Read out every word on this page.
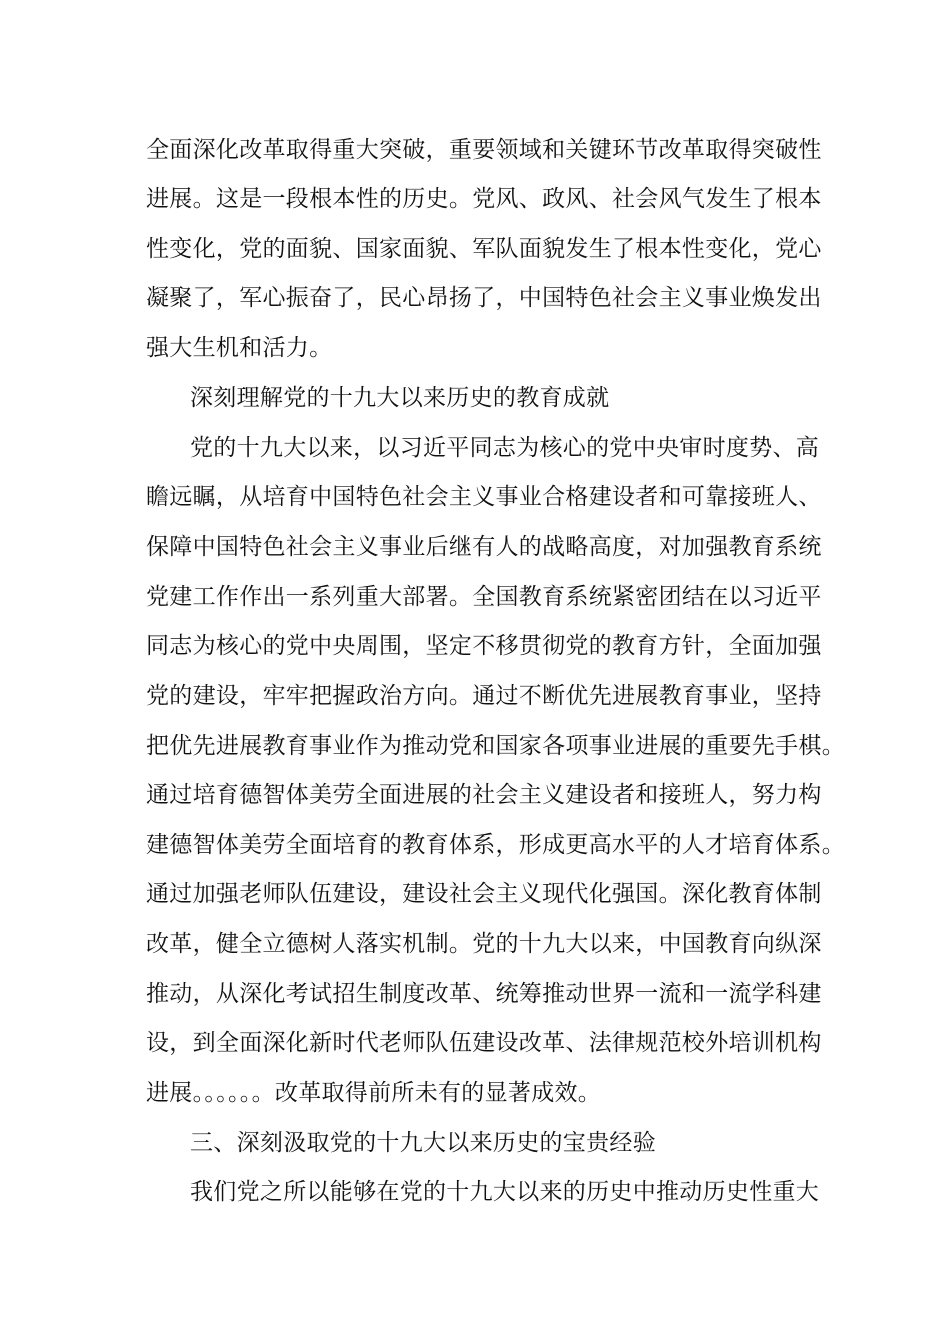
全面深化改革取得重大突破，重要领域和关键环节改革取得突破性
进展。这是一段根本性的历史。党风、政风、社会风气发生了根本
性变化，党的面貌、国家面貌、军队面貌发生了根本性变化，党心
凝聚了，军心振奋了，民心昂扬了，中国特色社会主义事业焕发出
强大生机和活力。
深刻理解党的十九大以来历史的教育成就
党的十九大以来，以习近平同志为核心的党中央审时度势、高
瞻远瞩，从培育中国特色社会主义事业合格建设者和可靠接班人、
保障中国特色社会主义事业后继有人的战略高度，对加强教育系统
党建工作作出一系列重大部署。全国教育系统紧密团结在以习近平
同志为核心的党中央周围，坚定不移贯彻党的教育方针，全面加强
党的建设，牢牢把握政治方向。通过不断优先进展教育事业，坚持
把优先进展教育事业作为推动党和国家各项事业进展的重要先手棋。
通过培育德智体美劳全面进展的社会主义建设者和接班人，努力构
建德智体美劳全面培育的教育体系，形成更高水平的人才培育体系。
通过加强老师队伍建设，建设社会主义现代化强国。深化教育体制
改革，健全立德树人落实机制。党的十九大以来，中国教育向纵深
推动，从深化考试招生制度改革、统筹推动世界一流和一流学科建
设，到全面深化新时代老师队伍建设改革、法律规范校外培训机构
进展。。。。。。改革取得前所未有的显著成效。
三、深刻汲取党的十九大以来历史的宝贵经验
我们党之所以能够在党的十九大以来的历史中推动历史性重大
